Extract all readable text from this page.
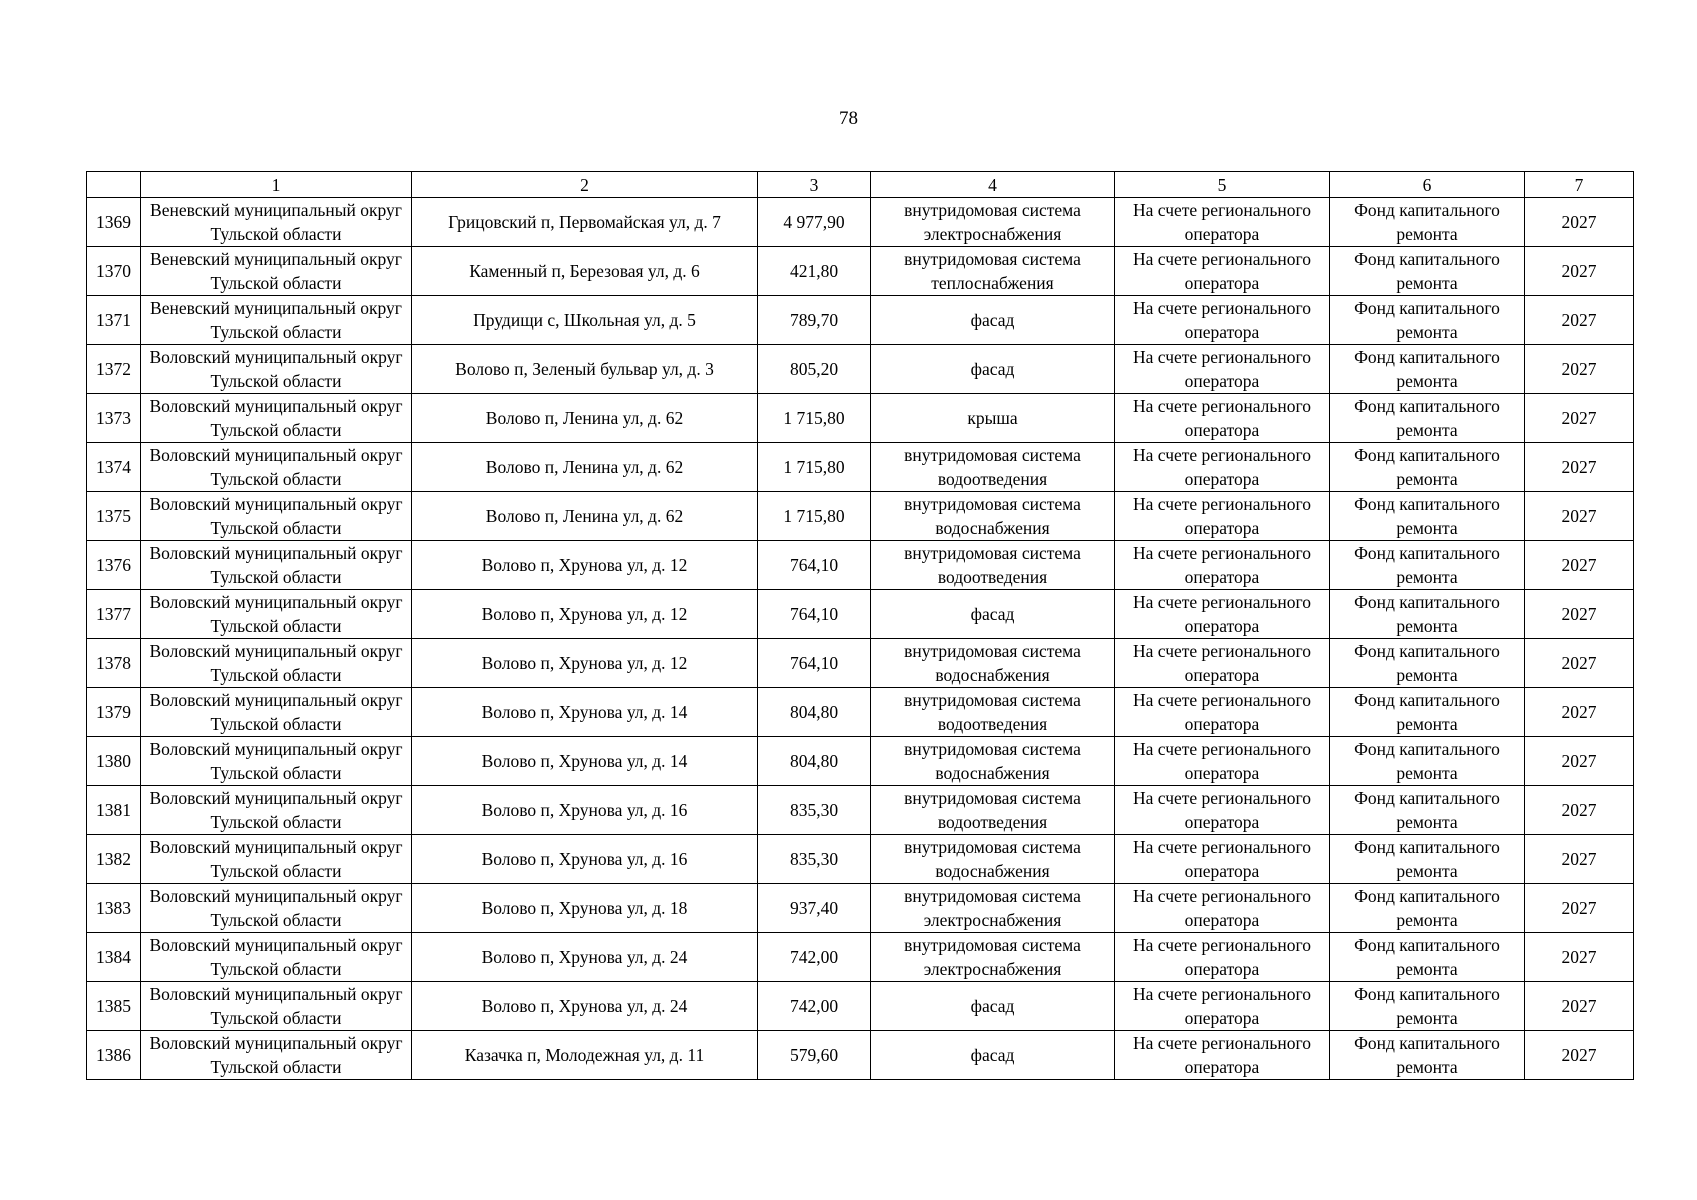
78
	1	2	3	4	5	6	7
1369	Веневский муниципальный округ Тульской области	Грицовский п, Первомайская ул, д. 7	4 977,90	внутридомовая система электроснабжения	На счете регионального оператора	Фонд капитального ремонта	2027
1370	Веневский муниципальный округ Тульской области	Каменный п, Березовая ул, д. 6	421,80	внутридомовая система теплоснабжения	На счете регионального оператора	Фонд капитального ремонта	2027
1371	Веневский муниципальный округ Тульской области	Прудищи с, Школьная ул, д. 5	789,70	фасад	На счете регионального оператора	Фонд капитального ремонта	2027
1372	Воловский муниципальный округ Тульской области	Волово п, Зеленый бульвар ул, д. 3	805,20	фасад	На счете регионального оператора	Фонд капитального ремонта	2027
1373	Воловский муниципальный округ Тульской области	Волово п, Ленина ул, д. 62	1 715,80	крыша	На счете регионального оператора	Фонд капитального ремонта	2027
1374	Воловский муниципальный округ Тульской области	Волово п, Ленина ул, д. 62	1 715,80	внутридомовая система водоотведения	На счете регионального оператора	Фонд капитального ремонта	2027
1375	Воловский муниципальный округ Тульской области	Волово п, Ленина ул, д. 62	1 715,80	внутридомовая система водоснабжения	На счете регионального оператора	Фонд капитального ремонта	2027
1376	Воловский муниципальный округ Тульской области	Волово п, Хрунова ул, д. 12	764,10	внутридомовая система водоотведения	На счете регионального оператора	Фонд капитального ремонта	2027
1377	Воловский муниципальный округ Тульской области	Волово п, Хрунова ул, д. 12	764,10	фасад	На счете регионального оператора	Фонд капитального ремонта	2027
1378	Воловский муниципальный округ Тульской области	Волово п, Хрунова ул, д. 12	764,10	внутридомовая система водоснабжения	На счете регионального оператора	Фонд капитального ремонта	2027
1379	Воловский муниципальный округ Тульской области	Волово п, Хрунова ул, д. 14	804,80	внутридомовая система водоотведения	На счете регионального оператора	Фонд капитального ремонта	2027
1380	Воловский муниципальный округ Тульской области	Волово п, Хрунова ул, д. 14	804,80	внутридомовая система водоснабжения	На счете регионального оператора	Фонд капитального ремонта	2027
1381	Воловский муниципальный округ Тульской области	Волово п, Хрунова ул, д. 16	835,30	внутридомовая система водоотведения	На счете регионального оператора	Фонд капитального ремонта	2027
1382	Воловский муниципальный округ Тульской области	Волово п, Хрунова ул, д. 16	835,30	внутридомовая система водоснабжения	На счете регионального оператора	Фонд капитального ремонта	2027
1383	Воловский муниципальный округ Тульской области	Волово п, Хрунова ул, д. 18	937,40	внутридомовая система электроснабжения	На счете регионального оператора	Фонд капитального ремонта	2027
1384	Воловский муниципальный округ Тульской области	Волово п, Хрунова ул, д. 24	742,00	внутридомовая система электроснабжения	На счете регионального оператора	Фонд капитального ремонта	2027
1385	Воловский муниципальный округ Тульской области	Волово п, Хрунова ул, д. 24	742,00	фасад	На счете регионального оператора	Фонд капитального ремонта	2027
1386	Воловский муниципальный округ Тульской области	Казачка п, Молодежная ул, д. 11	579,60	фасад	На счете регионального оператора	Фонд капитального ремонта	2027
